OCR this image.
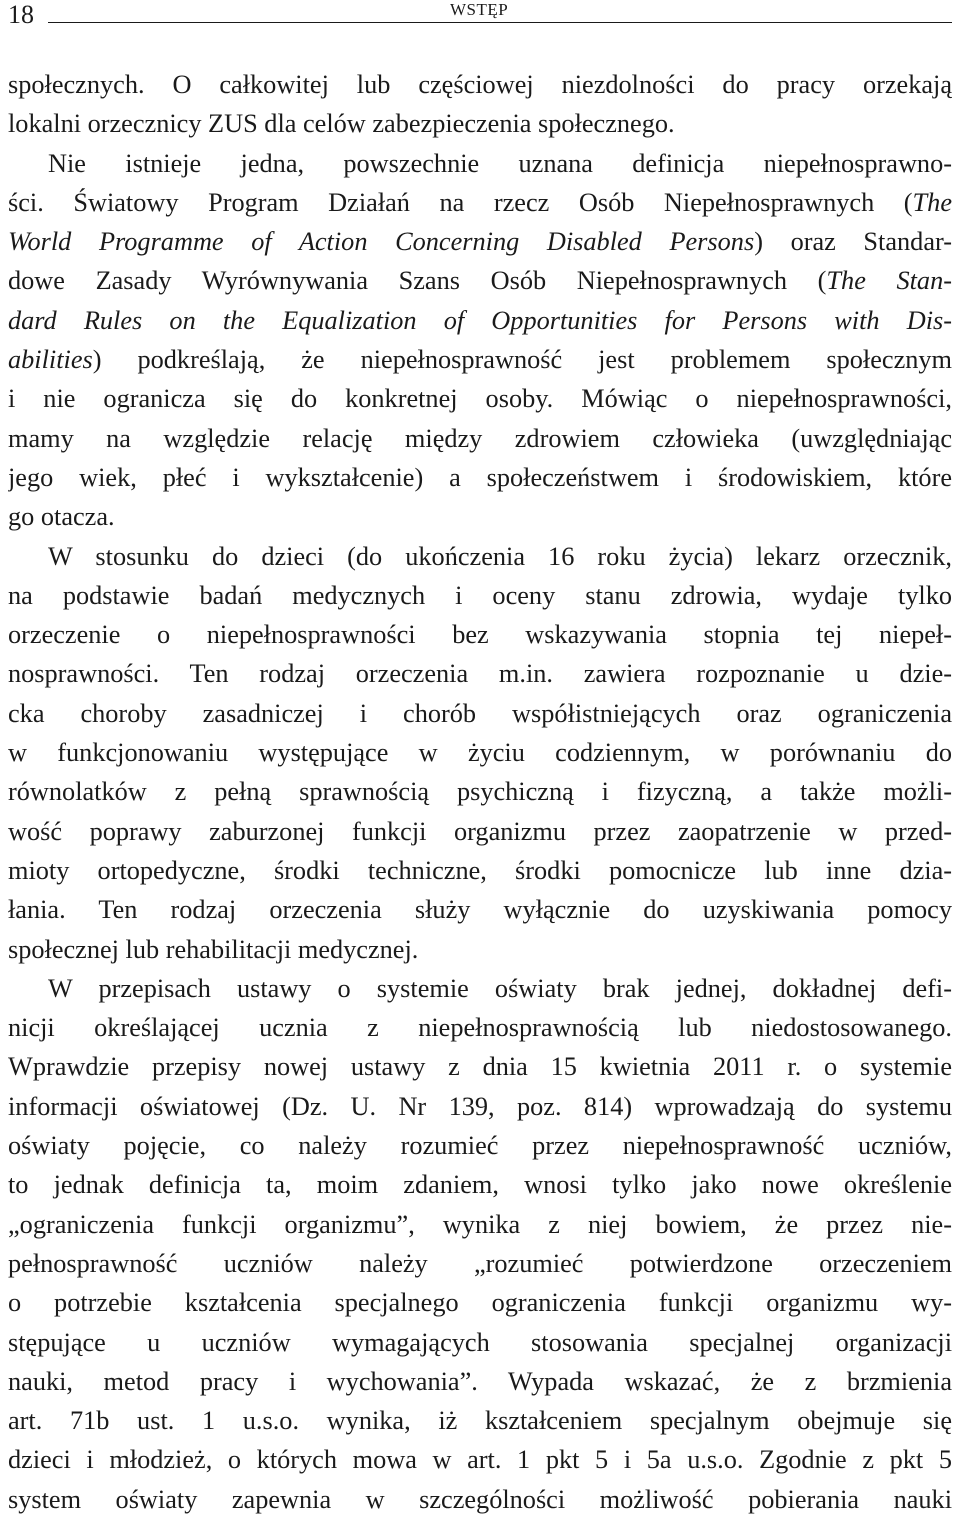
18	WSTĘP
społecznych. O całkowitej lub częściowej niezdolności do pracy orzekają
lokalni orzecznicy ZUS dla celów zabezpieczenia społecznego.
Nie istnieje jedna, powszechnie uznana definicja niepełnosprawno-
ści. Światowy Program Działań na rzecz Osób Niepełnosprawnych (The
World Programme of Action Concerning Disabled Persons) oraz Standar-
dowe Zasady Wyrównywania Szans Osób Niepełnosprawnych (The Stan-
dard Rules on the Equalization of Opportunities for Persons with Dis-
abilities) podkreślają, że niepełnosprawność jest problemem społecznym
i nie ogranicza się do konkretnej osoby. Mówiąc o niepełnosprawności,
mamy na względzie relację między zdrowiem człowieka (uwzględniając
jego wiek, płeć i wykształcenie) a społeczeństwem i środowiskiem, które
go otacza.
W stosunku do dzieci (do ukończenia 16 roku życia) lekarz orzecznik,
na podstawie badań medycznych i oceny stanu zdrowia, wydaje tylko
orzeczenie o niepełnosprawności bez wskazywania stopnia tej niepeł-
nosprawności. Ten rodzaj orzeczenia m.in. zawiera rozpoznanie u dzie-
cka choroby zasadniczej i chorób współistniejących oraz ograniczenia
w funkcjonowaniu występujące w życiu codziennym, w porównaniu do
równolatków z pełną sprawnością psychiczną i fizyczną, a także możli-
wość poprawy zaburzonej funkcji organizmu przez zaopatrzenie w przed-
mioty ortopedyczne, środki techniczne, środki pomocnicze lub inne dzia-
łania. Ten rodzaj orzeczenia służy wyłącznie do uzyskiwania pomocy
społecznej lub rehabilitacji medycznej.
W przepisach ustawy o systemie oświaty brak jednej, dokładnej defi-
nicji określającej ucznia z niepełnosprawnością lub niedostosowanego.
Wprawdzie przepisy nowej ustawy z dnia 15 kwietnia 2011 r. o systemie
informacji oświatowej (Dz. U. Nr 139, poz. 814) wprowadzają do systemu
oświaty pojęcie, co należy rozumieć przez niepełnosprawność uczniów,
to jednak definicja ta, moim zdaniem, wnosi tylko jako nowe określenie
„ograniczenia funkcji organizmu”, wynika z niej bowiem, że przez nie-
pełnosprawność uczniów należy „rozumieć potwierdzone orzeczeniem
o potrzebie kształcenia specjalnego ograniczenia funkcji organizmu wy-
stępujące u uczniów wymagających stosowania specjalnej organizacji
nauki, metod pracy i wychowania”. Wypada wskazać, że z brzmienia
art. 71b ust. 1 u.s.o. wynika, iż kształceniem specjalnym obejmuje się
dzieci i młodzież, o których mowa w art. 1 pkt 5 i 5a u.s.o. Zgodnie z pkt 5
system oświaty zapewnia w szczególności możliwość pobierania nauki
